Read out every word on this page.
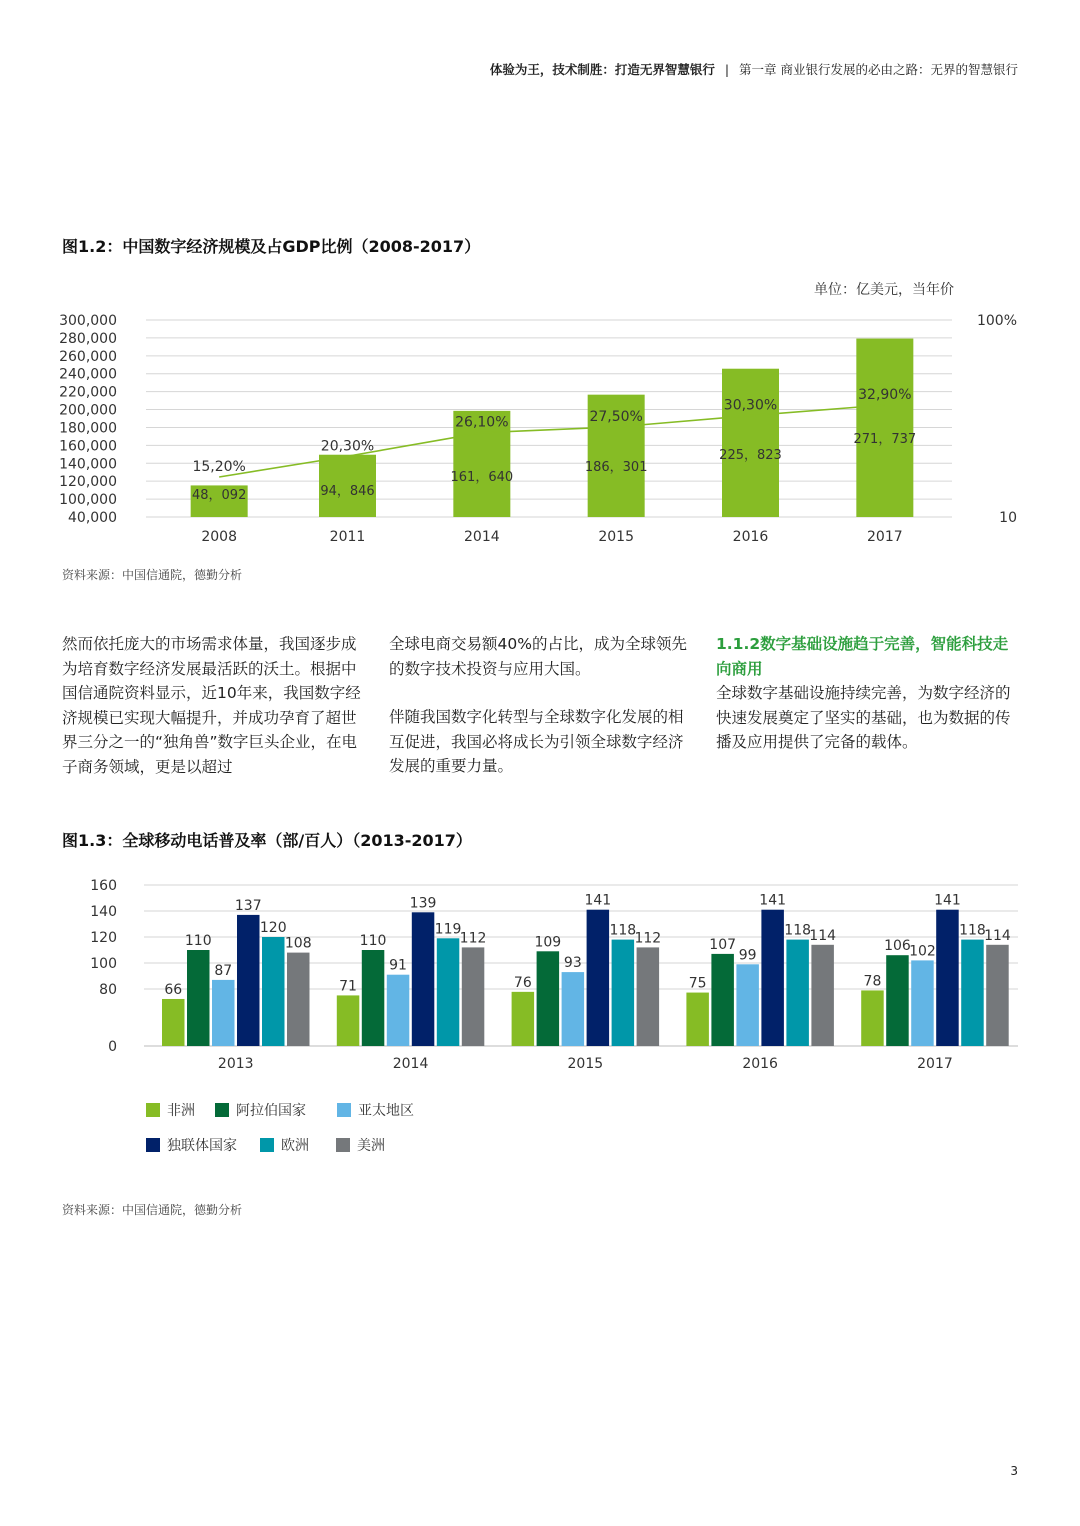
体验为王，技术制胜：打造无界智慧银行 | 第一章 商业银行发展的必由之路：无界的智慧银行
图1.2：中国数字经济规模及占GDP比例（2008-2017）
单位：亿美元，当年价
300,000
280,000
260,000
240,000
220,000
200,000
180,000
160,000
140,000
120,000
100,000
40,000
48，092
15,20%
94，846
20,30%
161，640
26,10%
186，301
27,50%
225，823
30,30%
271，737
32,90%
2008	2011	2014	2015	2016	2017
100%
10
资料来源：中国信通院，德勤分析

然而依托庞大的市场需求体量，我国逐步成为培育数字经济发展最活跃的沃土。根据中国信通院资料显示，近10年来，我国数字经济规模已实现大幅提升，并成功孕育了超世界三分之一的“独角兽”数字巨头企业，在电子商务领域，更是以超过

全球电商交易额40%的占比，成为全球领先的数字技术投资与应用大国。

伴随我国数字化转型与全球数字化发展的相互促进，我国必将成长为引领全球数字经济发展的重要力量。

1.1.2数字基础设施趋于完善，智能科技走向商用
全球数字基础设施持续完善，为数字经济的快速发展奠定了坚实的基础，也为数据的传播及应用提供了完备的载体。
图1.3：全球移动电话普及率（部/百人）（2013-2017）
160
140
120
100
80
0
66
110
87
137
120
108
71
110
91
139
119
112
76
109
93
141
118
112
75
107
99
141
118
114
78
106
102
141
118
114
2013	2014	2015	2016	2017
非洲	阿拉伯国家	亚太地区
独联体国家	欧洲	美洲
资料来源：中国信通院，德勤分析
3
